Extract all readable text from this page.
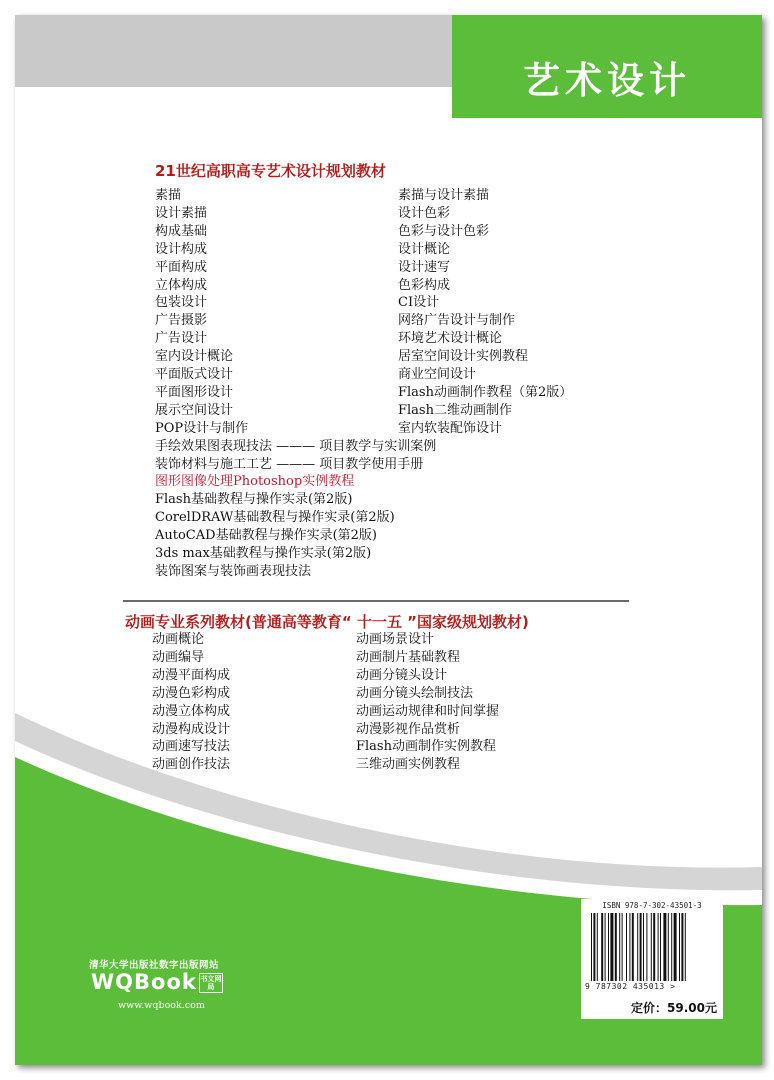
艺术设计
21世纪高职高专艺术设计规划教材
素描
设计素描
构成基础
设计构成
平面构成
立体构成
包装设计
广告摄影
广告设计
室内设计概论
平面版式设计
平面图形设计
展示空间设计
POP设计与制作
素描与设计素描
设计色彩
色彩与设计色彩
设计概论
设计速写
色彩构成
CI设计
网络广告设计与制作
环境艺术设计概论
居室空间设计实例教程
商业空间设计
Flash动画制作教程（第2版）
Flash二维动画制作
室内软装配饰设计
手绘效果图表现技法 ——— 项目教学与实训案例
装饰材料与施工工艺 ——— 项目教学使用手册
图形图像处理Photoshop实例教程
Flash基础教程与操作实录(第2版)
CorelDRAW基础教程与操作实录(第2版)
AutoCAD基础教程与操作实录(第2版)
3ds max基础教程与操作实录(第2版)
装饰图案与装饰画表现技法
动画专业系列教材(普通高等教育“ 十一五 ”国家级规划教材)
动画概论
动画编导
动漫平面构成
动漫色彩构成
动漫立体构成
动漫构成设计
动画速写技法
动画创作技法
动画场景设计
动画制片基础教程
动画分镜头设计
动画分镜头绘制技法
动画运动规律和时间掌握
动漫影视作品赏析
Flash动画制作实例教程
三维动画实例教程
清华大学出版社数字出版网站
WQBook 书文网局
www.wqbook.com
ISBN 978-7-302-43501-3
9 787302 435013 >
定价：59.00元
